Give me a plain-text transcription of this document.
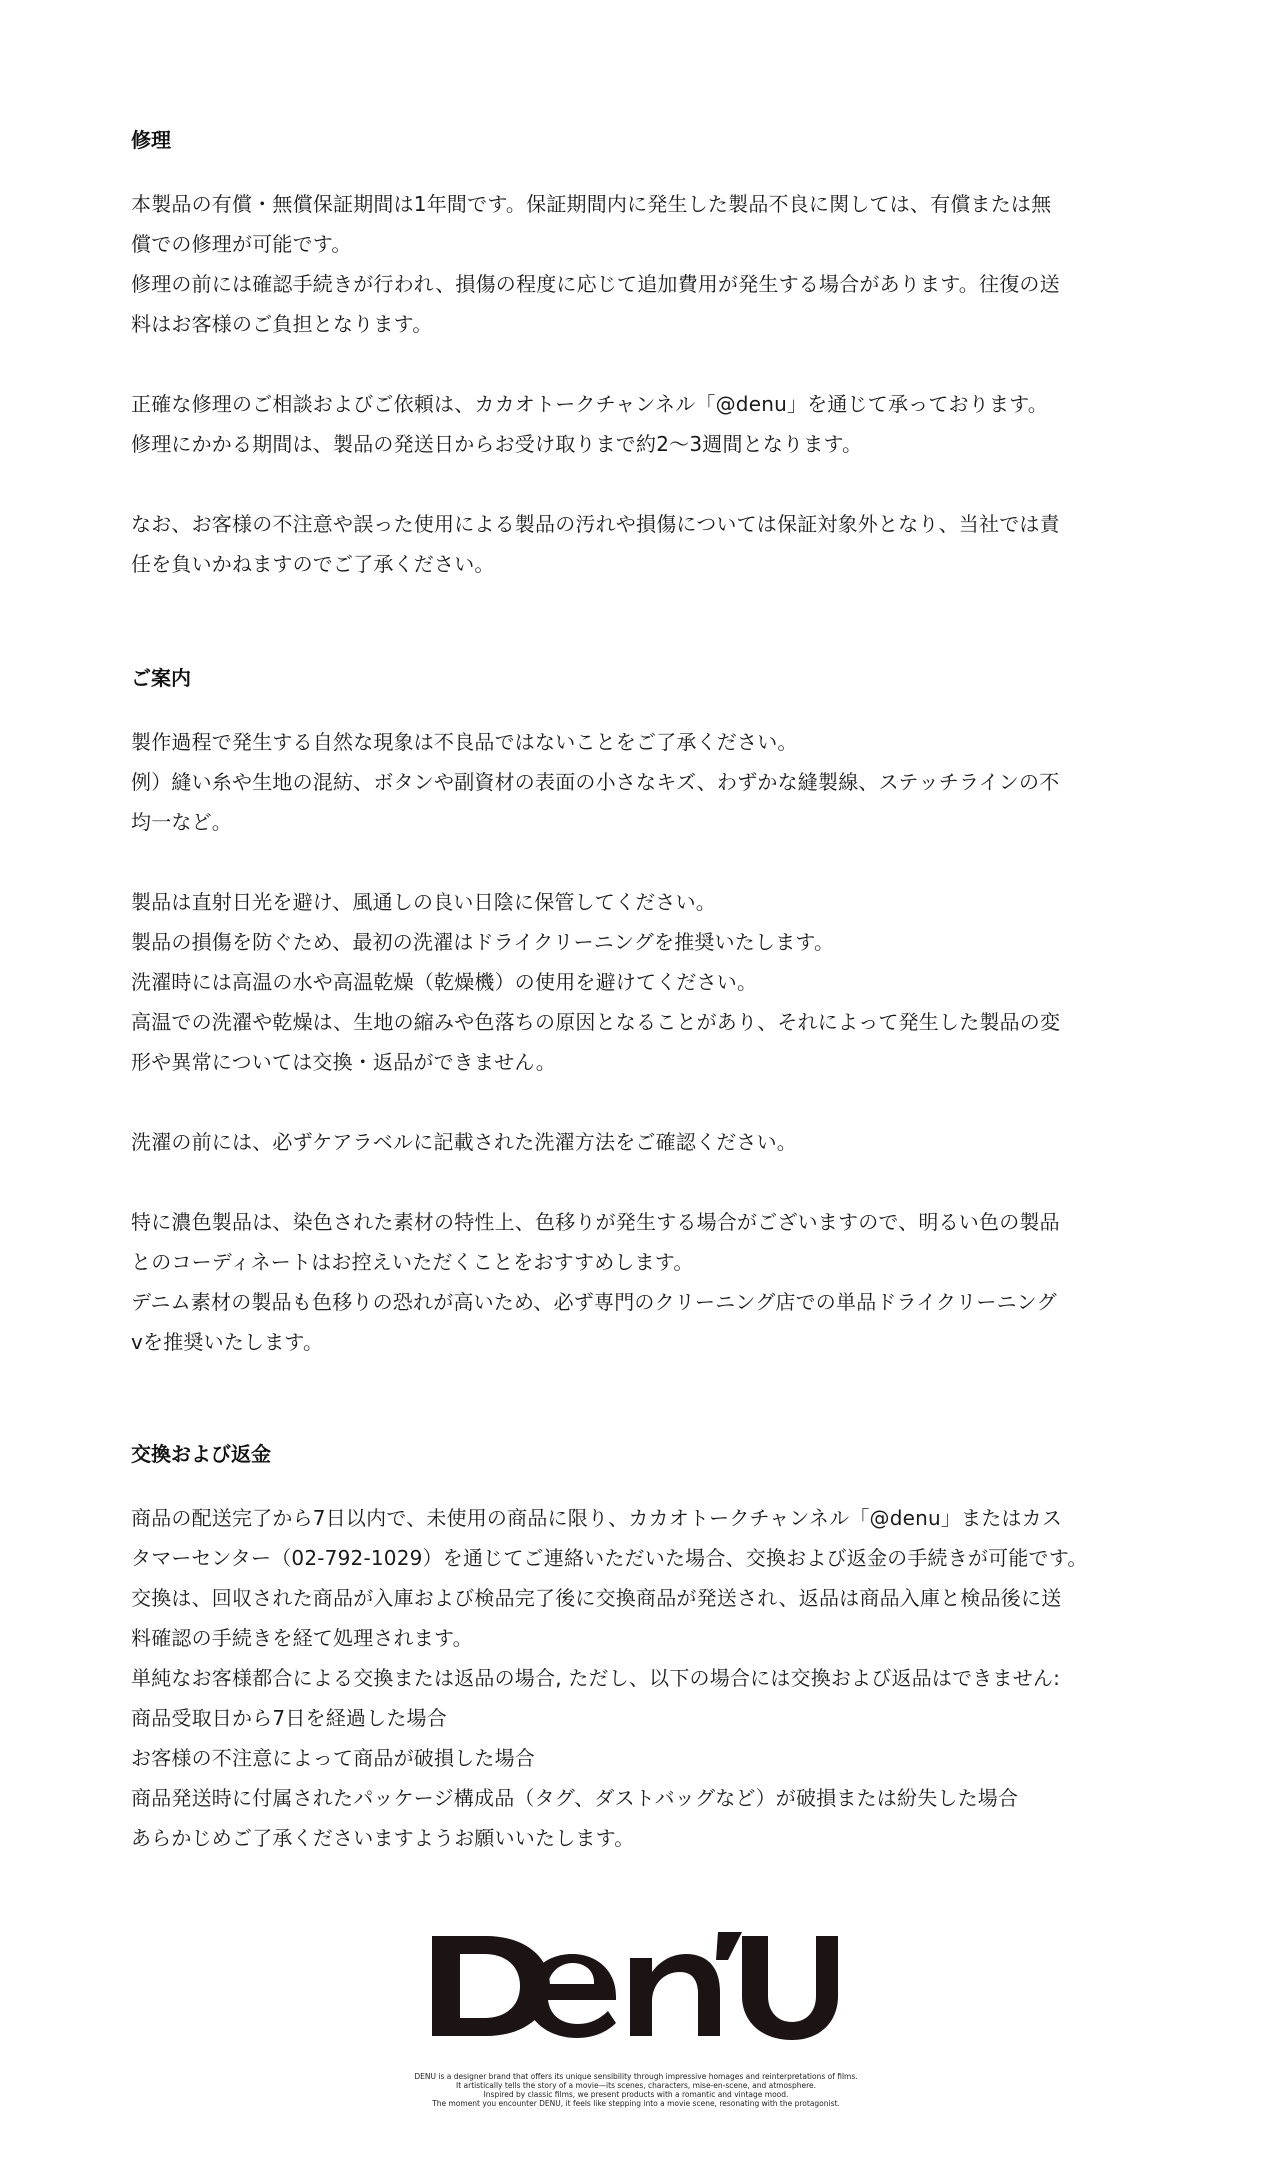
修理

本製品の有償・無償保証期間は1年間です。保証期間内に発生した製品不良に関しては、有償または無

償での修理が可能です。

修理の前には確認手続きが行われ、損傷の程度に応じて追加費用が発生する場合があります。往復の送

料はお客様のご負担となります。

正確な修理のご相談およびご依頼は、カカオトークチャンネル「@denu」を通じて承っております。

修理にかかる期間は、製品の発送日からお受け取りまで約2〜3週間となります。

なお、お客様の不注意や誤った使用による製品の汚れや損傷については保証対象外となり、当社では責

任を負いかねますのでご了承ください。

ご案内

製作過程で発生する自然な現象は不良品ではないことをご了承ください。

例）縫い糸や生地の混紡、ボタンや副資材の表面の小さなキズ、わずかな縫製線、ステッチラインの不

均一など。

製品は直射日光を避け、風通しの良い日陰に保管してください。

製品の損傷を防ぐため、最初の洗濯はドライクリーニングを推奨いたします。

洗濯時には高温の水や高温乾燥（乾燥機）の使用を避けてください。

高温での洗濯や乾燥は、生地の縮みや色落ちの原因となることがあり、それによって発生した製品の変

形や異常については交換・返品ができません。

洗濯の前には、必ずケアラベルに記載された洗濯方法をご確認ください。

特に濃色製品は、染色された素材の特性上、色移りが発生する場合がございますので、明るい色の製品

とのコーディネートはお控えいただくことをおすすめします。

デニム素材の製品も色移りの恐れが高いため、必ず専門のクリーニング店での単品ドライクリーニング

vを推奨いたします。

交換および返金

商品の配送完了から7日以内で、未使用の商品に限り、カカオトークチャンネル「@denu」またはカス

タマーセンター（02-792-1029）を通じてご連絡いただいた場合、交換および返金の手続きが可能です。

交換は、回収された商品が入庫および検品完了後に交換商品が発送され、返品は商品入庫と検品後に送

料確認の手続きを経て処理されます。

単純なお客様都合による交換または返品の場合, ただし、以下の場合には交換および返品はできません:

商品受取日から7日を経過した場合

お客様の不注意によって商品が破損した場合

商品発送時に付属されたパッケージ構成品（タグ、ダストバッグなど）が破損または紛失した場合

あらかじめご了承くださいますようお願いいたします。

DENU is a designer brand that offers its unique sensibility through impressive homages and reinterpretations of films.
It artistically tells the story of a movie—its scenes, characters, mise-en-scene, and atmosphere.
Inspired by classic films, we present products with a romantic and vintage mood.
The moment you encounter DENU, it feels like stepping into a movie scene, resonating with the protagonist.
